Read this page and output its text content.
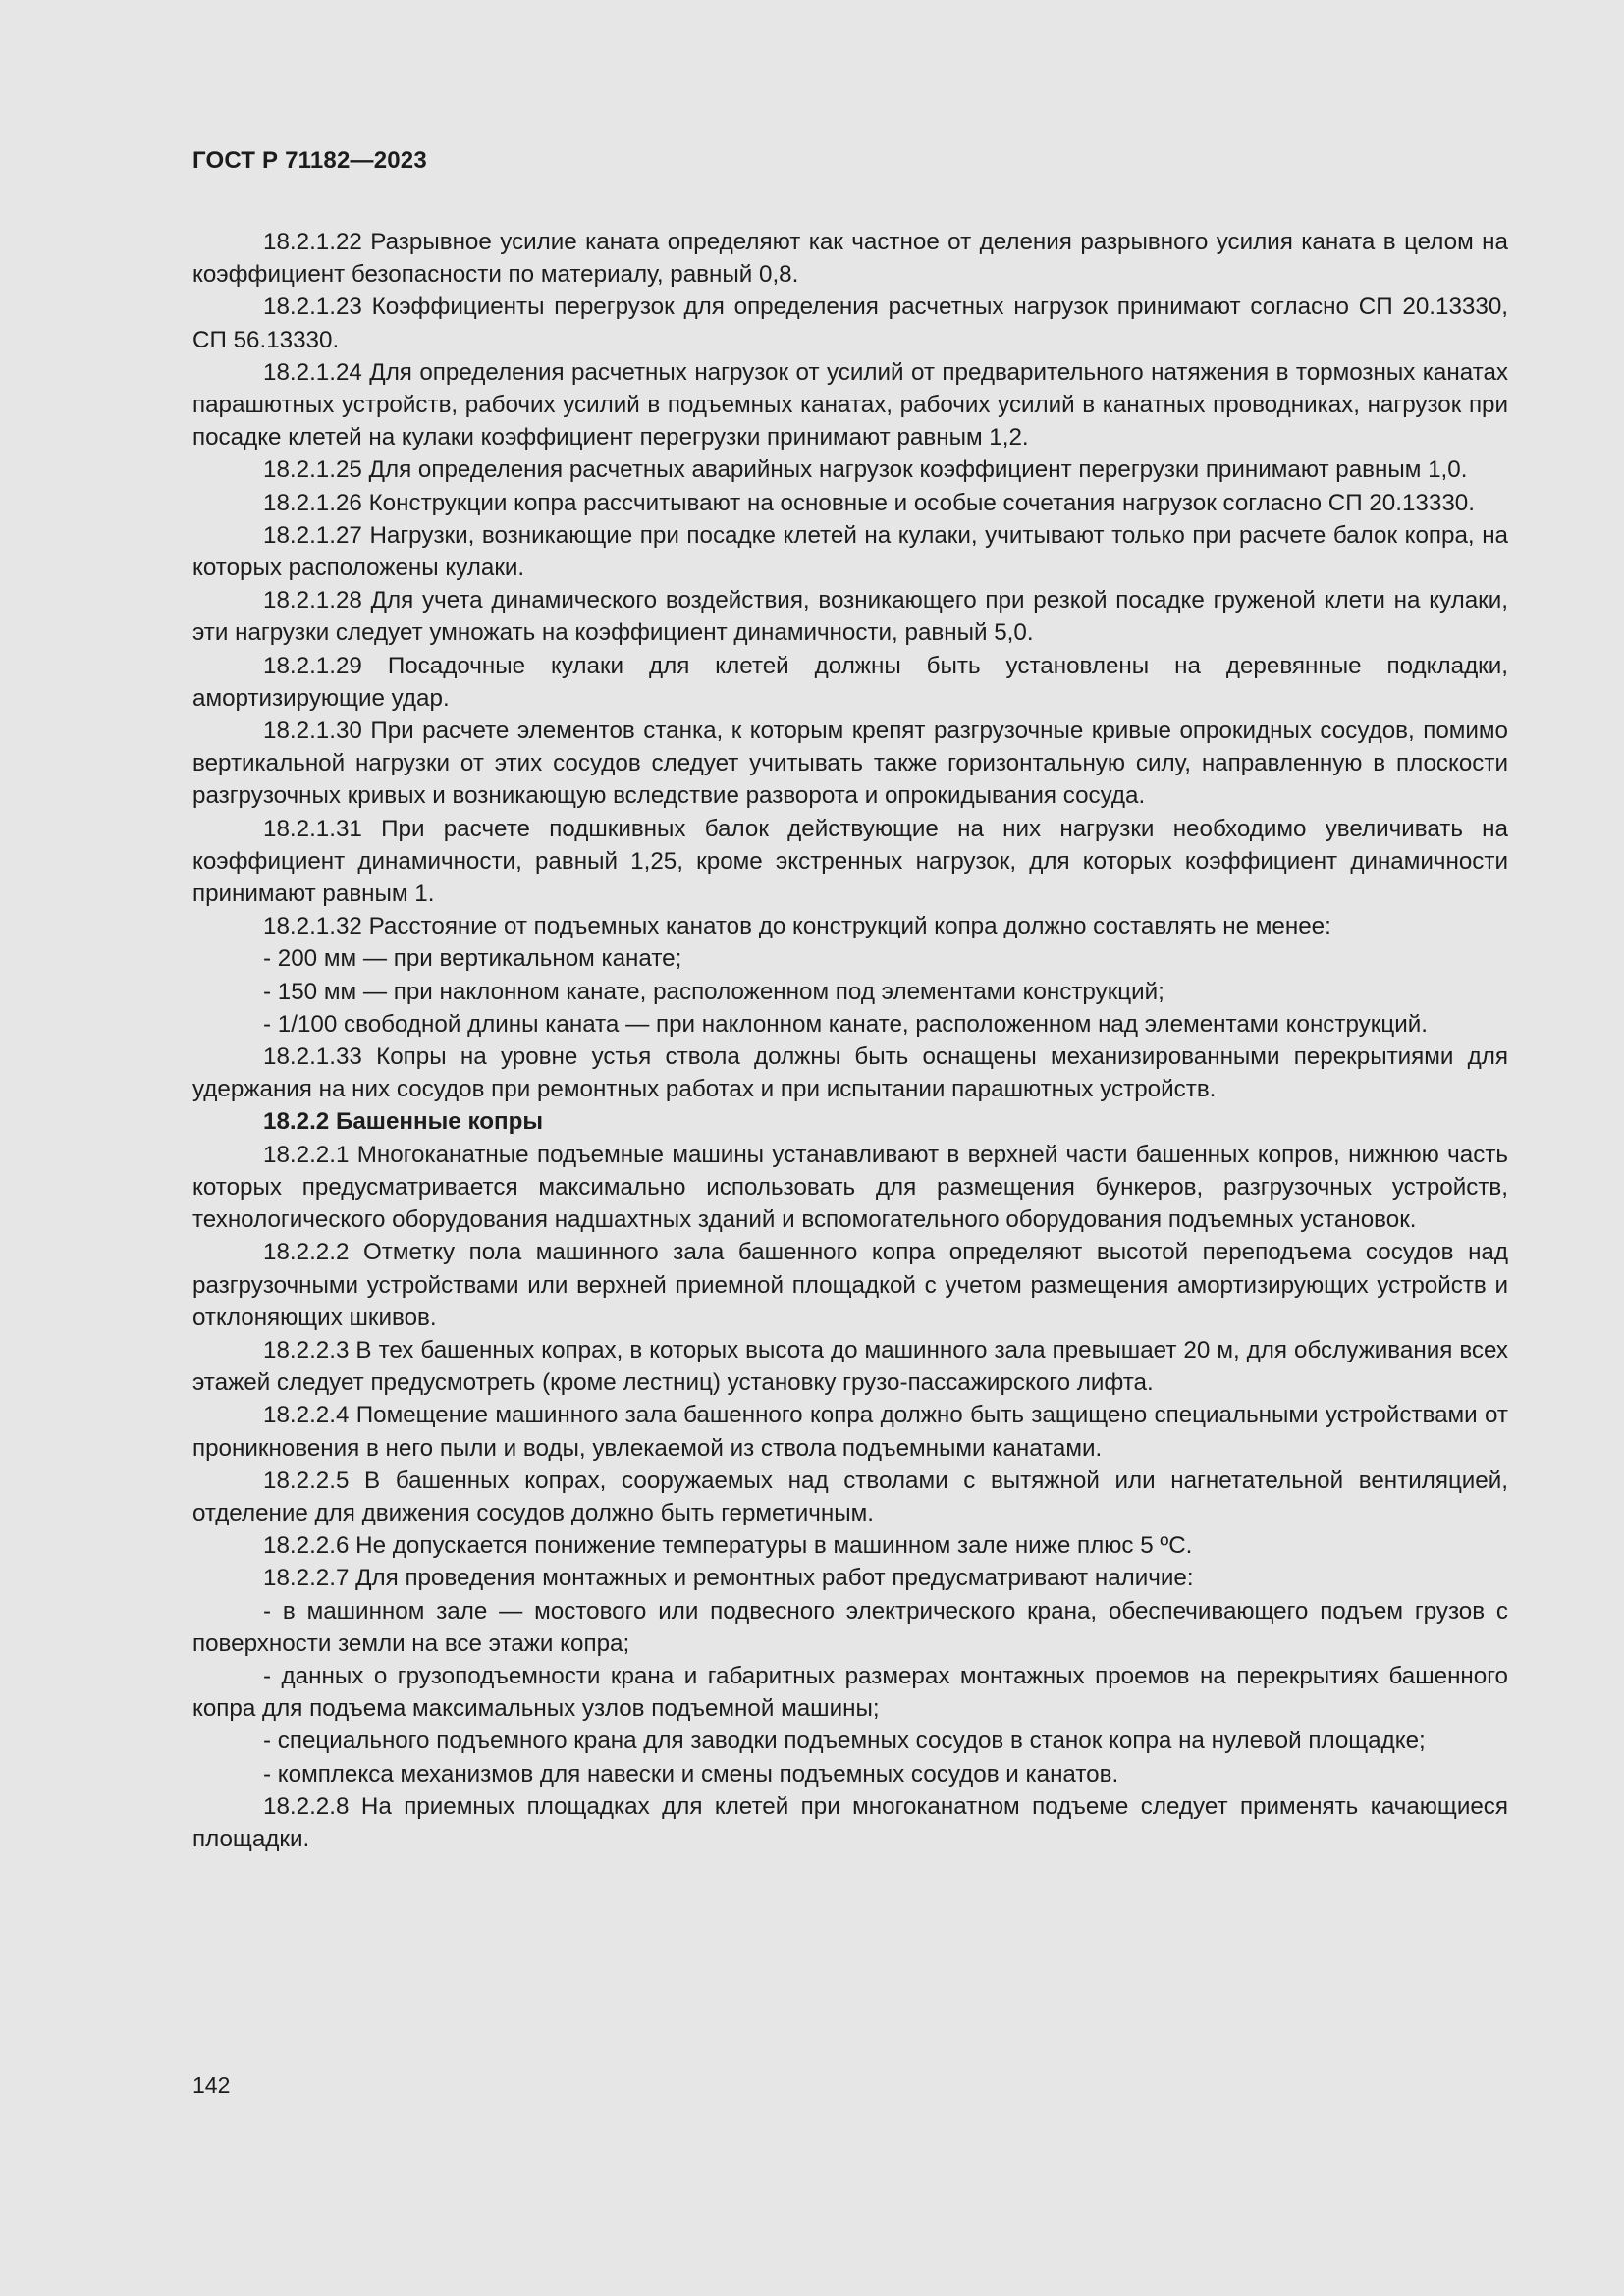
ГОСТ Р 71182—2023

18.2.1.22 Разрывное усилие каната определяют как частное от деления разрывного усилия каната в целом на коэффициент безопасности по материалу, равный 0,8.

18.2.1.23 Коэффициенты перегрузок для определения расчетных нагрузок принимают согласно СП 20.13330, СП 56.13330.

18.2.1.24 Для определения расчетных нагрузок от усилий от предварительного натяжения в тормозных канатах парашютных устройств, рабочих усилий в подъемных канатах, рабочих усилий в канатных проводниках, нагрузок при посадке клетей на кулаки коэффициент перегрузки принимают равным 1,2.

18.2.1.25 Для определения расчетных аварийных нагрузок коэффициент перегрузки принимают равным 1,0.

18.2.1.26 Конструкции копра рассчитывают на основные и особые сочетания нагрузок согласно СП 20.13330.

18.2.1.27 Нагрузки, возникающие при посадке клетей на кулаки, учитывают только при расчете балок копра, на которых расположены кулаки.

18.2.1.28 Для учета динамического воздействия, возникающего при резкой посадке груженой клети на кулаки, эти нагрузки следует умножать на коэффициент динамичности, равный 5,0.

18.2.1.29 Посадочные кулаки для клетей должны быть установлены на деревянные подкладки, амортизирующие удар.

18.2.1.30 При расчете элементов станка, к которым крепят разгрузочные кривые опрокидных сосудов, помимо вертикальной нагрузки от этих сосудов следует учитывать также горизонтальную силу, направленную в плоскости разгрузочных кривых и возникающую вследствие разворота и опрокидывания сосуда.

18.2.1.31 При расчете подшкивных балок действующие на них нагрузки необходимо увеличивать на коэффициент динамичности, равный 1,25, кроме экстренных нагрузок, для которых коэффициент динамичности принимают равным 1.

18.2.1.32 Расстояние от подъемных канатов до конструкций копра должно составлять не менее:

- 200 мм — при вертикальном канате;

- 150 мм — при наклонном канате, расположенном под элементами конструкций;

- 1/100 свободной длины каната — при наклонном канате, расположенном над элементами конструкций.

18.2.1.33 Копры на уровне устья ствола должны быть оснащены механизированными перекрытиями для удержания на них сосудов при ремонтных работах и при испытании парашютных устройств.

18.2.2 Башенные копры

18.2.2.1 Многоканатные подъемные машины устанавливают в верхней части башенных копров, нижнюю часть которых предусматривается максимально использовать для размещения бункеров, разгрузочных устройств, технологического оборудования надшахтных зданий и вспомогательного оборудования подъемных установок.

18.2.2.2 Отметку пола машинного зала башенного копра определяют высотой переподъема сосудов над разгрузочными устройствами или верхней приемной площадкой с учетом размещения амортизирующих устройств и отклоняющих шкивов.

18.2.2.3 В тех башенных копрах, в которых высота до машинного зала превышает 20 м, для обслуживания всех этажей следует предусмотреть (кроме лестниц) установку грузо-пассажирского лифта.

18.2.2.4 Помещение машинного зала башенного копра должно быть защищено специальными устройствами от проникновения в него пыли и воды, увлекаемой из ствола подъемными канатами.

18.2.2.5 В башенных копрах, сооружаемых над стволами с вытяжной или нагнетательной вентиляцией, отделение для движения сосудов должно быть герметичным.

18.2.2.6 Не допускается понижение температуры в машинном зале ниже плюс 5 ºС.

18.2.2.7 Для проведения монтажных и ремонтных работ предусматривают наличие:

- в машинном зале — мостового или подвесного электрического крана, обеспечивающего подъем грузов с поверхности земли на все этажи копра;

- данных о грузоподъемности крана и габаритных размерах монтажных проемов на перекрытиях башенного копра для подъема максимальных узлов подъемной машины;

- специального подъемного крана для заводки подъемных сосудов в станок копра на нулевой площадке;

- комплекса механизмов для навески и смены подъемных сосудов и канатов.

18.2.2.8 На приемных площадках для клетей при многоканатном подъеме следует применять качающиеся площадки.

142
